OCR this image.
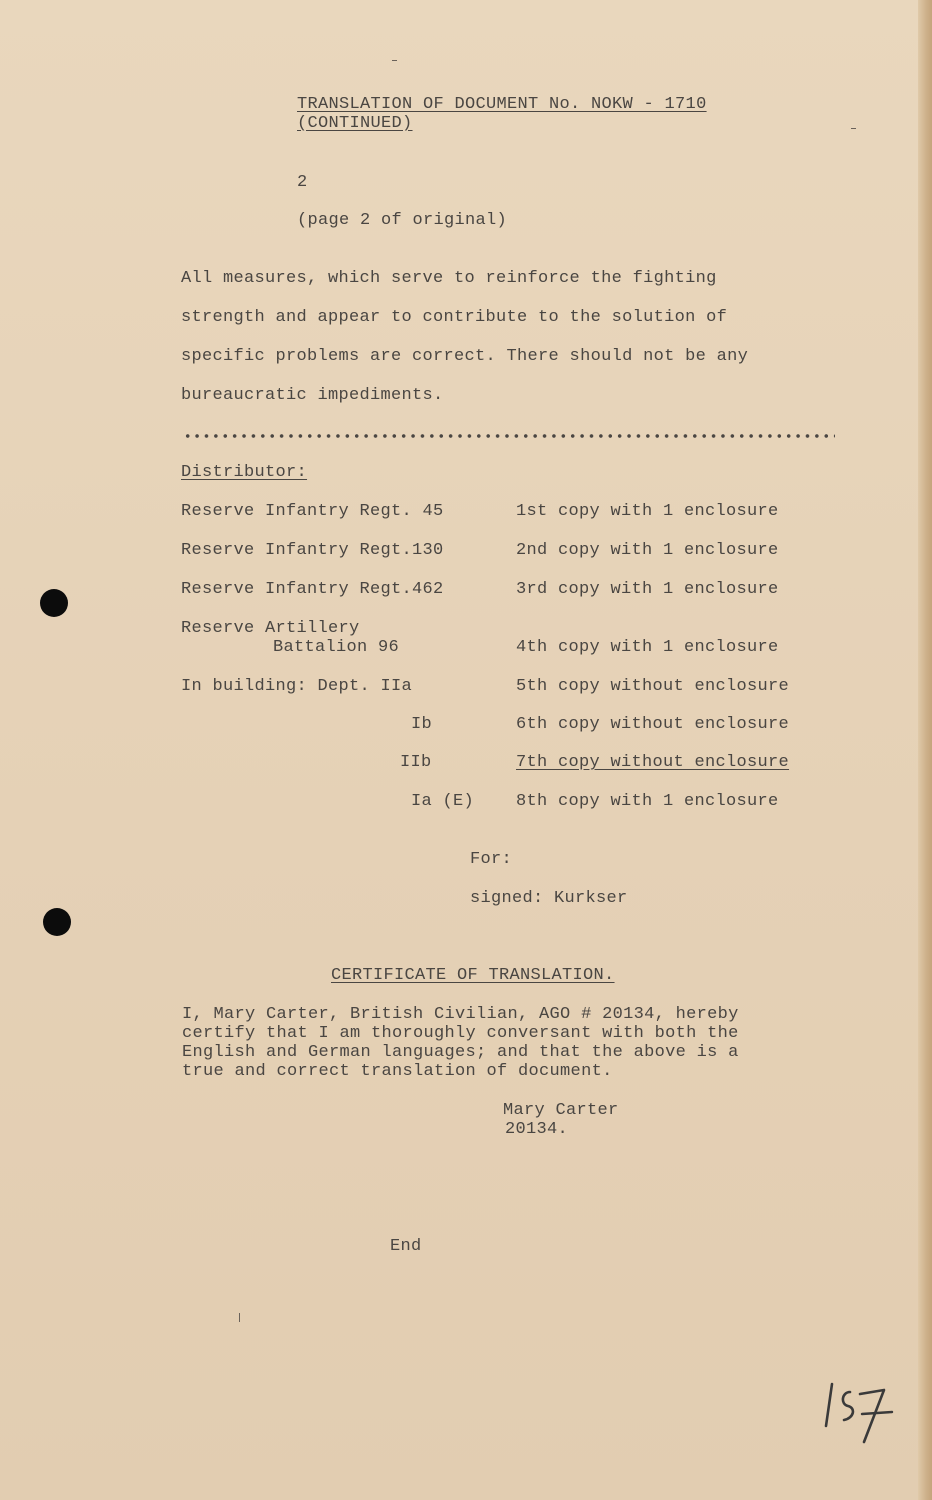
TRANSLATION OF DOCUMENT No. NOKW - 1710
(CONTINUED)
2
(page 2 of original)
All measures, which serve to reinforce the fighting
strength and appear to contribute to the solution of
specific problems are correct. There should not be any
bureaucratic impediments.
Distributor:
Reserve Infantry Regt. 45	1st copy with 1 enclosure
Reserve Infantry Regt.130	2nd copy with 1 enclosure
Reserve Infantry Regt.462	3rd copy with 1 enclosure
Reserve Artillery
Battalion 96	4th copy with 1 enclosure
In building: Dept. IIa	5th copy without enclosure
Ib	6th copy without enclosure
IIb	7th copy without enclosure
Ia (E) 8th copy with 1 enclosure
For:
signed: Kurkser
CERTIFICATE OF TRANSLATION.
I, Mary Carter, British Civilian, AGO # 20134, hereby
certify that I am thoroughly conversant with both the
English and German languages; and that the above is a
true and correct translation of document.
Mary Carter
20134.
End
